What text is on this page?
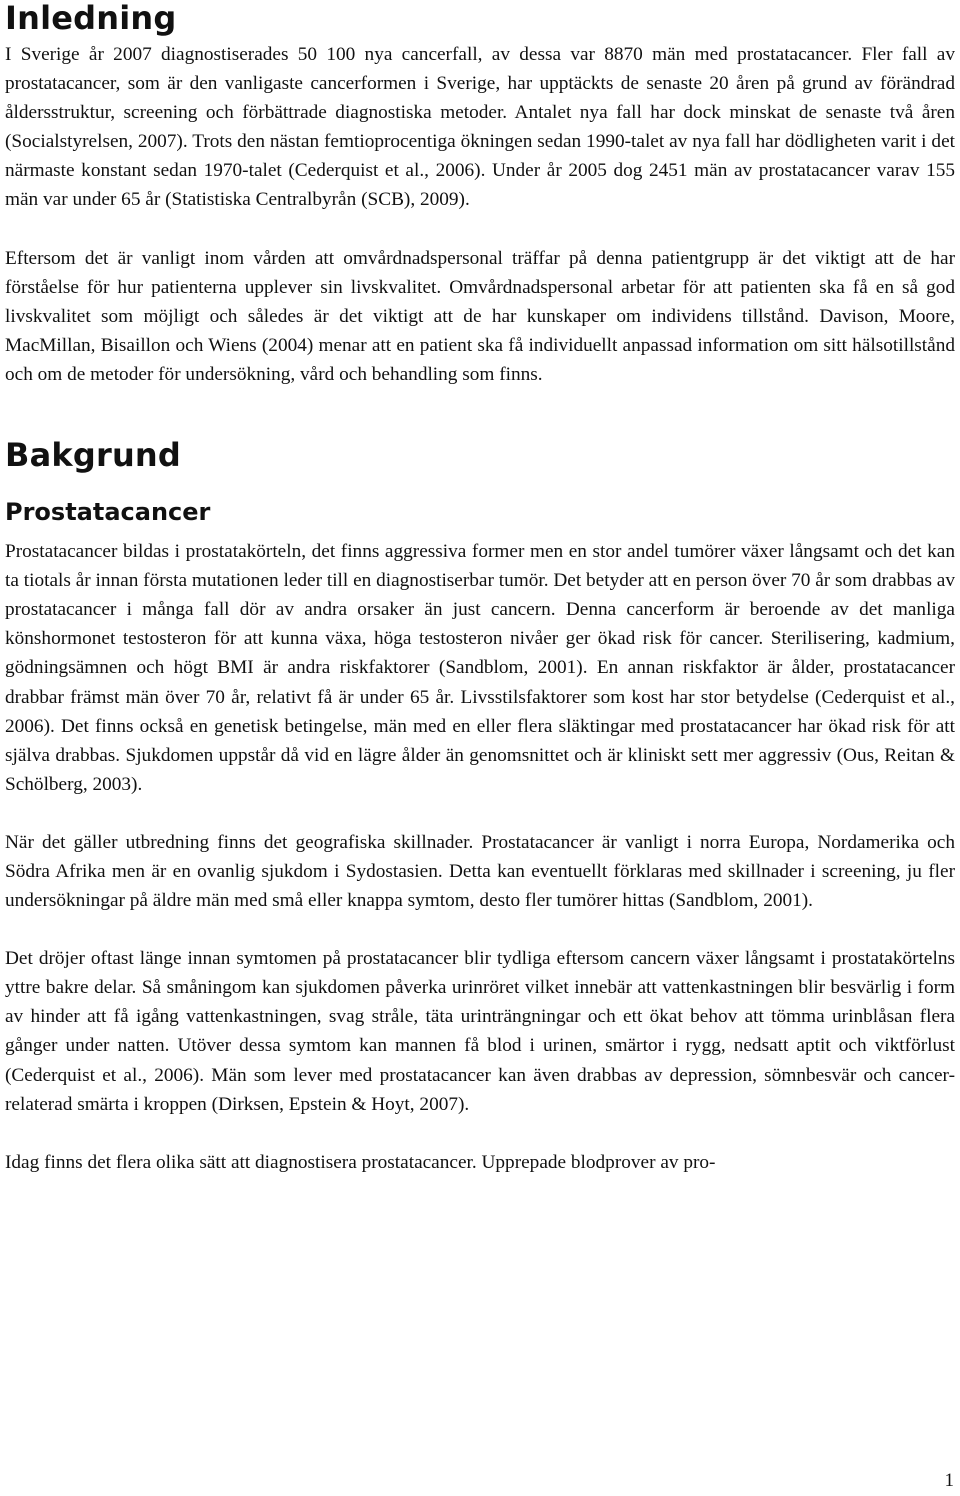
Inledning

I Sverige år 2007 diagnostiserades 50 100 nya cancerfall, av dessa var 8870 män med prostatacancer. Fler fall av prostatacancer, som är den vanligaste cancerformen i Sverige, har upptäckts de senaste 20 åren på grund av förändrad åldersstruktur, screening och förbättrade diagnostiska metoder. Antalet nya fall har dock minskat de senaste två åren (Socialstyrelsen, 2007). Trots den nästan femtioprocentiga ökningen sedan 1990-talet av nya fall har dödligheten varit i det närmaste konstant sedan 1970-talet (Cederquist et al., 2006). Under år 2005 dog 2451 män av prostatacancer varav 155 män var under 65 år (Statistiska Centralbyrån (SCB), 2009).

Eftersom det är vanligt inom vården att omvårdnadspersonal träffar på denna patientgrupp är det viktigt att de har förståelse för hur patienterna upplever sin livskvalitet. Omvårdnadspersonal arbetar för att patienten ska få en så god livskvalitet som möjligt och således är det viktigt att de har kunskaper om individens tillstånd. Davison, Moore, MacMillan, Bisaillon och Wiens (2004) menar att en patient ska få individuellt anpassad information om sitt hälsotillstånd och om de metoder för undersökning, vård och behandling som finns.

Bakgrund
Prostatacancer

Prostatacancer bildas i prostatakörteln, det finns aggressiva former men en stor andel tumörer växer långsamt och det kan ta tiotals år innan första mutationen leder till en diagnostiserbar tumör. Det betyder att en person över 70 år som drabbas av prostatacancer i många fall dör av andra orsaker än just cancern. Denna cancerform är beroende av det manliga könshormonet testosteron för att kunna växa, höga testosteron nivåer ger ökad risk för cancer. Sterilisering, kadmium, gödningsämnen och högt BMI är andra riskfaktorer (Sandblom, 2001). En annan riskfaktor är ålder, prostatacancer drabbar främst män över 70 år, relativt få är under 65 år. Livsstilsfaktorer som kost har stor betydelse (Cederquist et al., 2006). Det finns också en genetisk betingelse, män med en eller flera släktingar med prostatacancer har ökad risk för att själva drabbas. Sjukdomen uppstår då vid en lägre ålder än genomsnittet och är kliniskt sett mer aggressiv (Ous, Reitan & Schölberg, 2003).

När det gäller utbredning finns det geografiska skillnader. Prostatacancer är vanligt i norra Europa, Nordamerika och Södra Afrika men är en ovanlig sjukdom i Sydostasien. Detta kan eventuellt förklaras med skillnader i screening, ju fler undersökningar på äldre män med små eller knappa symtom, desto fler tumörer hittas (Sandblom, 2001).

Det dröjer oftast länge innan symtomen på prostatacancer blir tydliga eftersom cancern växer långsamt i prostatakörtelns yttre bakre delar. Så småningom kan sjukdomen påverka urinröret vilket innebär att vattenkastningen blir besvärlig i form av hinder att få igång vattenkastningen, svag stråle, täta urinträngningar och ett ökat behov att tömma urinblåsan flera gånger under natten. Utöver dessa symtom kan mannen få blod i urinen, smärtor i rygg, nedsatt aptit och viktförlust (Cederquist et al., 2006). Män som lever med prostatacancer kan även drabbas av depression, sömnbesvär och cancer-relaterad smärta i kroppen (Dirksen, Epstein & Hoyt, 2007).

Idag finns det flera olika sätt att diagnostisera prostatacancer. Upprepade blodprover av pro-

1
